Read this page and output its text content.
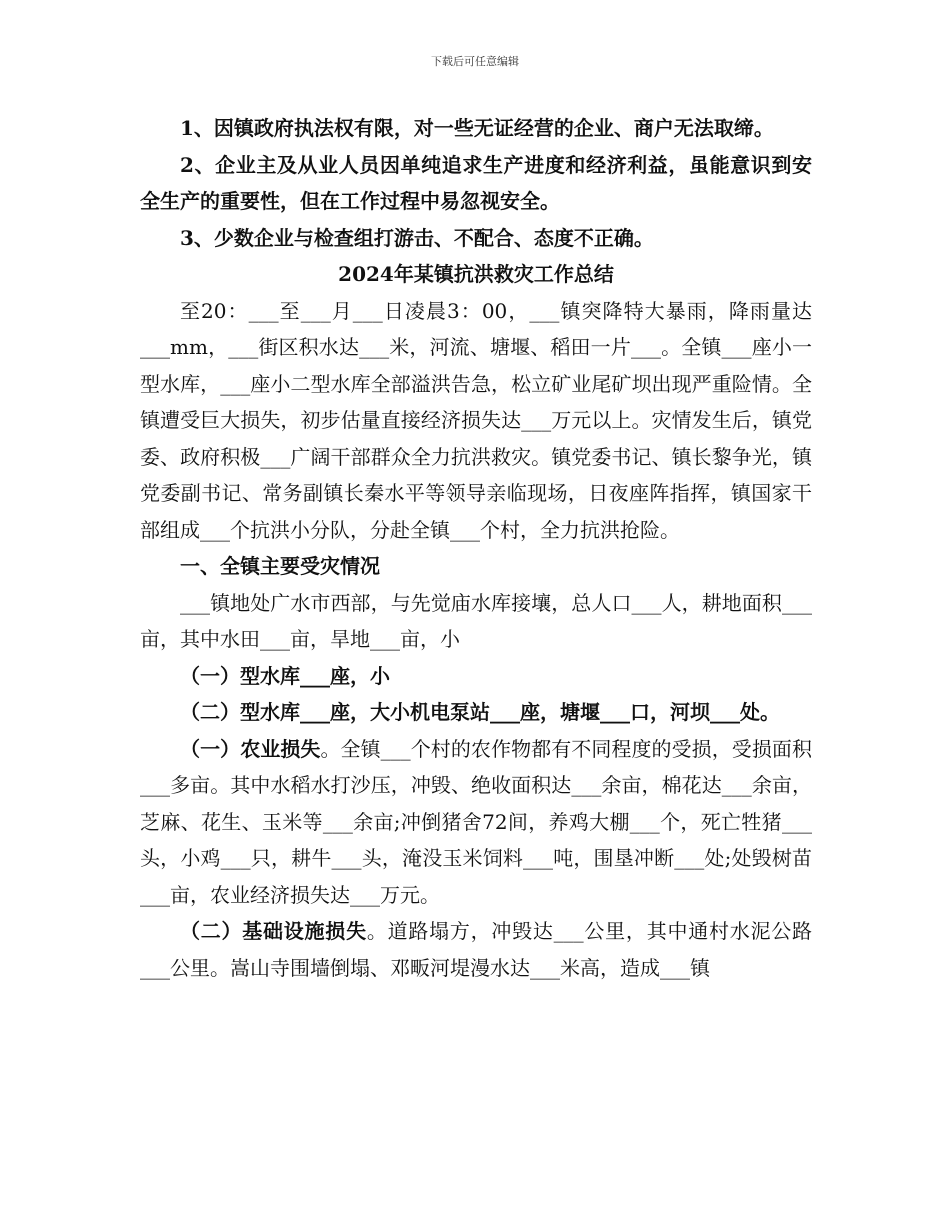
下载后可任意编辑

1、因镇政府执法权有限，对一些无证经营的企业、商户无法取缔。

2、企业主及从业人员因单纯追求生产进度和经济利益，虽能意识到安全生产的重要性，但在工作过程中易忽视安全。

3、少数企业与检查组打游击、不配合、态度不正确。

2024年某镇抗洪救灾工作总结

至20：___至___月___日凌晨3：00，___镇突降特大暴雨，降雨量达___mm，___街区积水达___米，河流、塘堰、稻田一片___。全镇___座小一型水库，___座小二型水库全部溢洪告急，松立矿业尾矿坝出现严重险情。全镇遭受巨大损失，初步估量直接经济损失达___万元以上。灾情发生后，镇党委、政府积极___广阔干部群众全力抗洪救灾。镇党委书记、镇长黎争光，镇党委副书记、常务副镇长秦水平等领导亲临现场，日夜座阵指挥，镇国家干部组成___个抗洪小分队，分赴全镇___个村，全力抗洪抢险。

一、全镇主要受灾情况

___镇地处广水市西部，与先觉庙水库接壤，总人口___人，耕地面积___亩，其中水田___亩，旱地___亩，小

（一）型水库___座，小

（二）型水库___座，大小机电泵站___座，塘堰___口，河坝___处。

（一）农业损失。全镇___个村的农作物都有不同程度的受损，受损面积___多亩。其中水稻水打沙压，冲毁、绝收面积达___余亩，棉花达___余亩，芝麻、花生、玉米等___余亩;冲倒猪舍72间，养鸡大棚___个，死亡牲猪___头，小鸡___只，耕牛___头，淹没玉米饲料___吨，围垦冲断___处;处毁树苗___亩，农业经济损失达___万元。

（二）基础设施损失。道路塌方，冲毁达___公里，其中通村水泥公路___公里。嵩山寺围墙倒塌、邓畈河堤漫水达___米高，造成___镇
